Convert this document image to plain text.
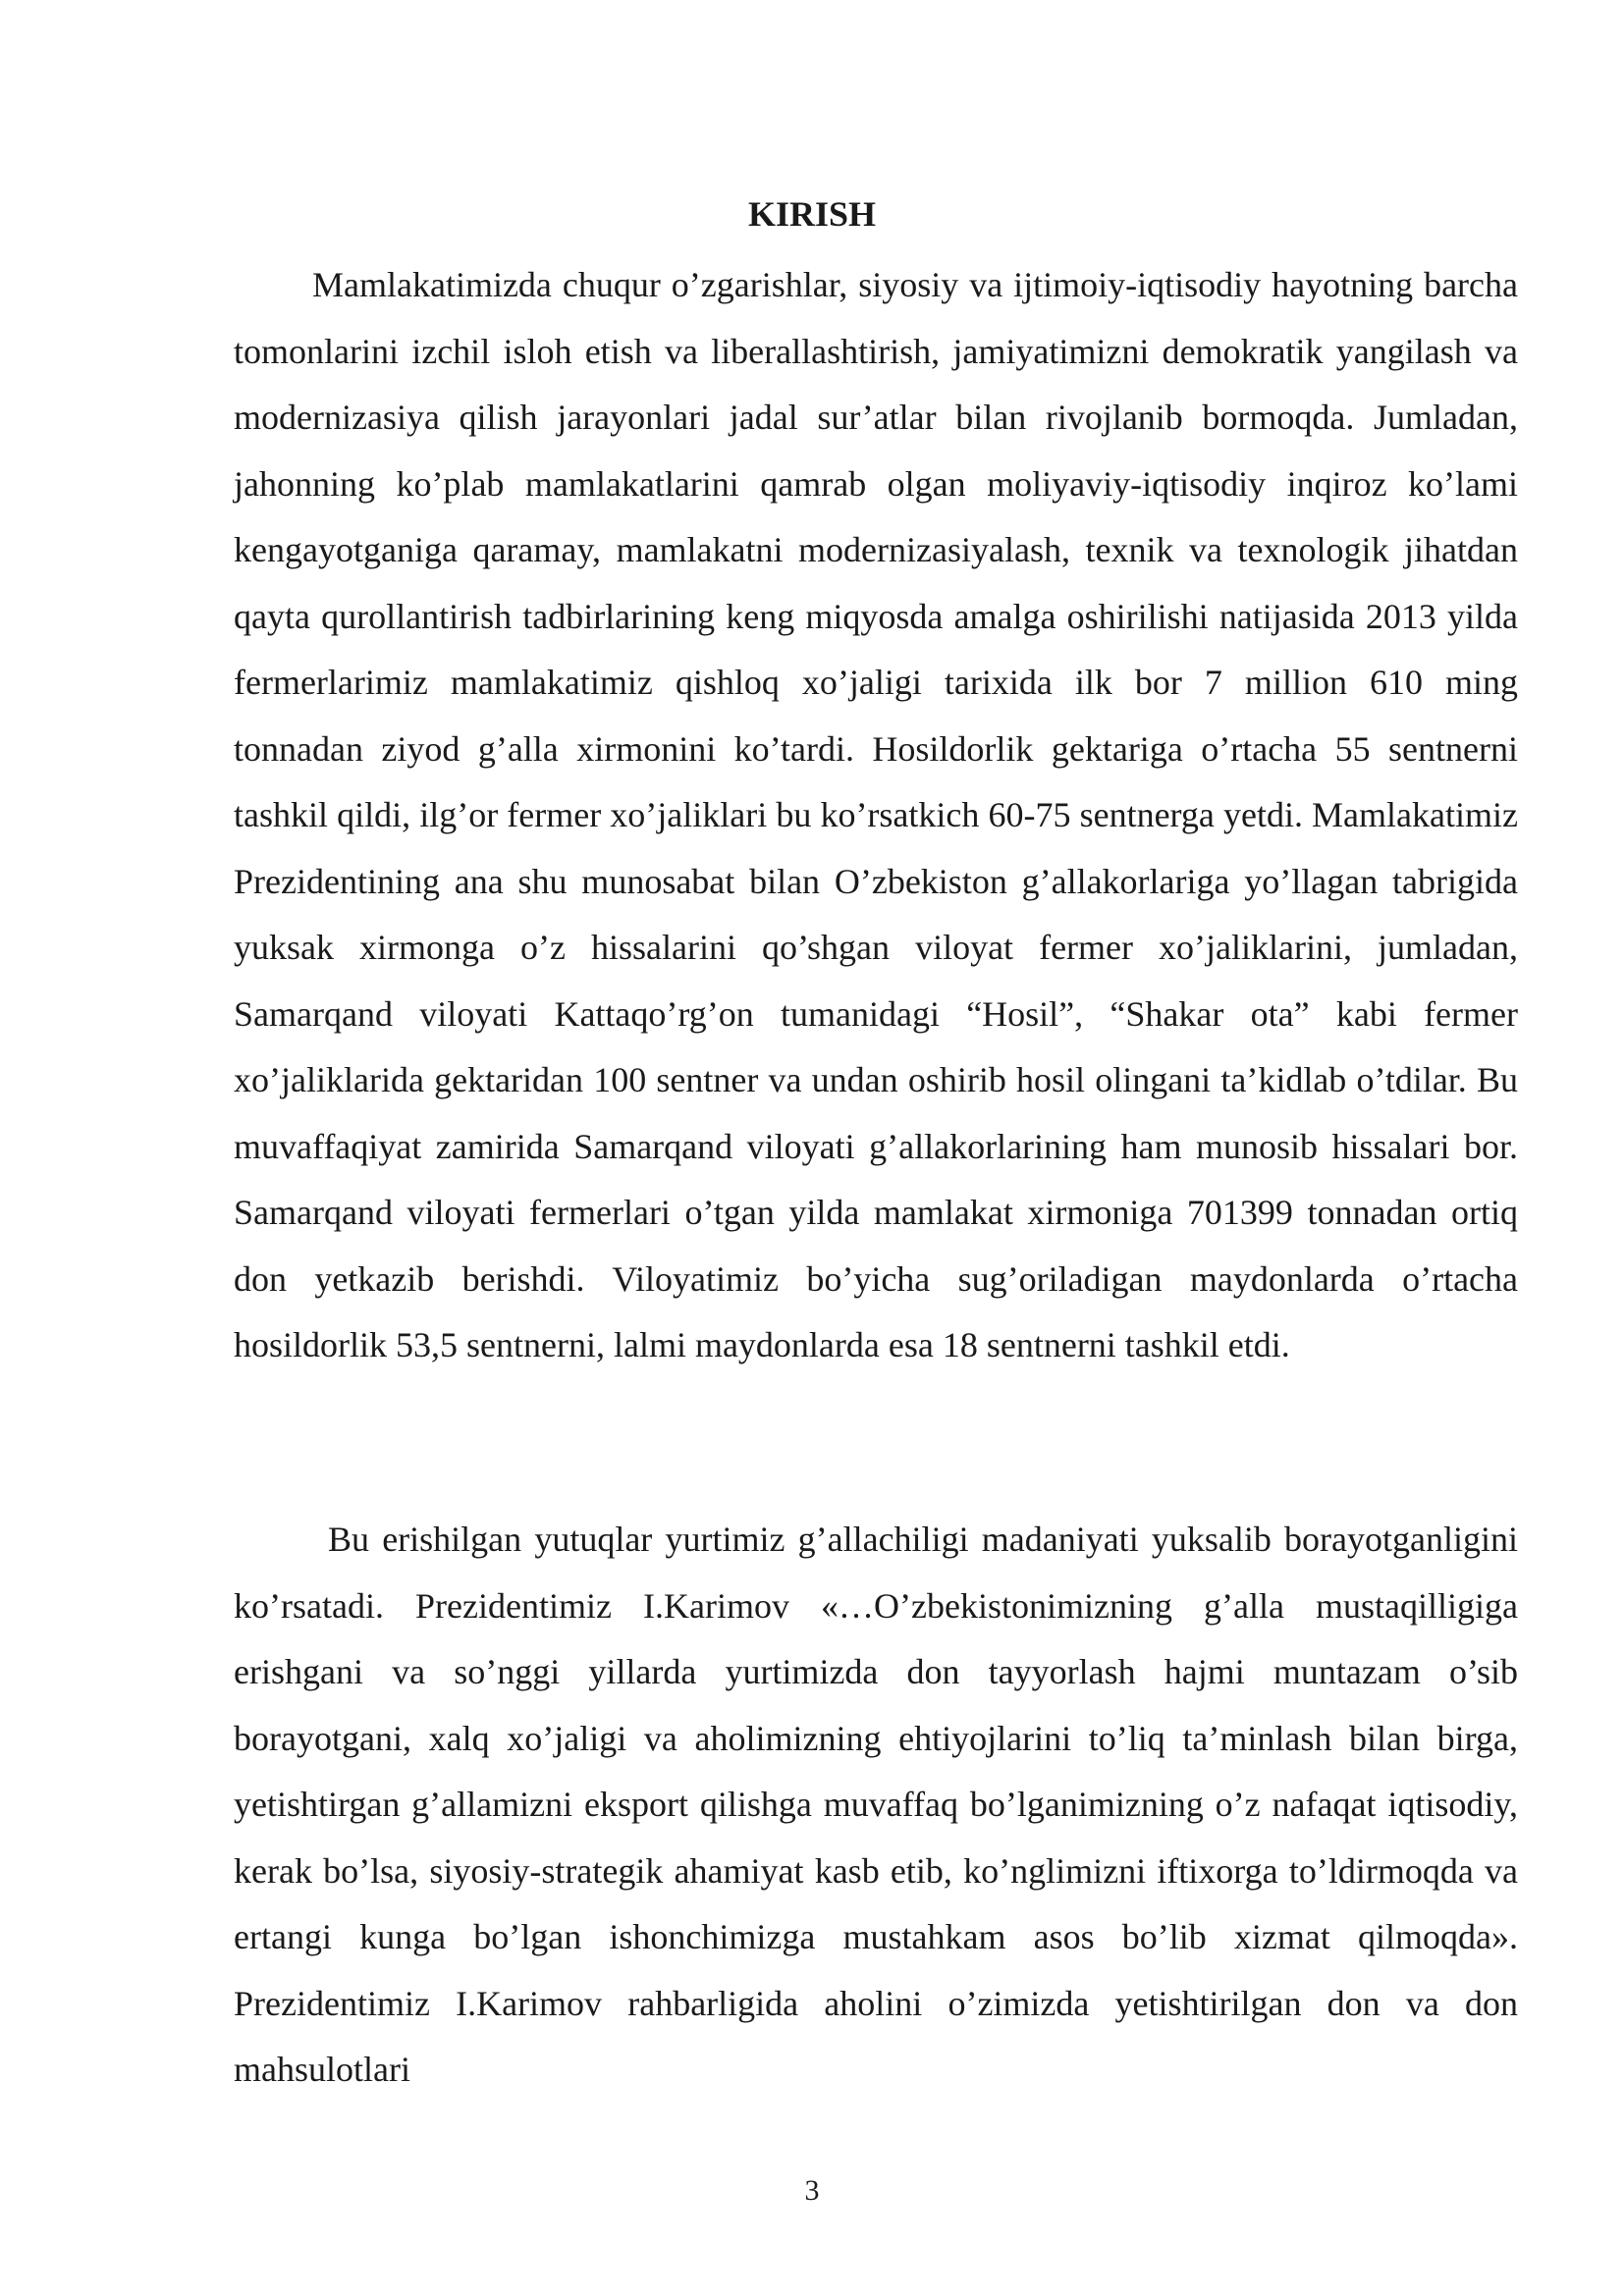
KIRISH

Mamlakatimizda chuqur o’zgarishlar, siyosiy va ijtimoiy-iqtisodiy hayotning barcha tomonlarini izchil isloh etish va liberallashtirish, jamiyatimizni demokratik yangilash va modernizasiya qilish jarayonlari jadal sur’atlar bilan rivojlanib bormoqda. Jumladan, jahonning ko’plab mamlakatlarini qamrab olgan moliyaviy-iqtisodiy inqiroz ko’lami kengayotganiga qaramay, mamlakatni modernizasiyalash, texnik va texnologik jihatdan qayta qurollantirish tadbirlarining keng miqyosda amalga oshirilishi natijasida 2013 yilda fermerlarimiz mamlakatimiz qishloq xo’jaligi tarixida ilk bor 7 million 610 ming tonnadan ziyod g’alla xirmonini ko’tardi. Hosildorlik gektariga o’rtacha 55 sentnerni tashkil qildi, ilg’or fermer xo’jaliklari bu ko’rsatkich 60-75 sentnerga yetdi. Mamlakatimiz Prezidentining ana shu munosabat bilan O’zbekiston g’allakorlariga yo’llagan tabrigida yuksak xirmonga o’z hissalarini qo’shgan viloyat fermer xo’jaliklarini, jumladan, Samarqand viloyati Kattaqo’rg’on tumanidagi “Hosil”, “Shakar ota” kabi fermer xo’jaliklarida gektaridan 100 sentner va undan oshirib hosil olingani ta’kidlab o’tdilar. Bu muvaffaqiyat zamirida Samarqand viloyati g’allakorlarining ham munosib hissalari bor. Samarqand viloyati fermerlari o’tgan yilda mamlakat xirmoniga 701399 tonnadan ortiq don yetkazib berishdi. Viloyatimiz bo’yicha sug’oriladigan maydonlarda o’rtacha hosildorlik 53,5 sentnerni, lalmi maydonlarda esa 18 sentnerni tashkil etdi.

Bu erishilgan yutuqlar yurtimiz g’allachiligi madaniyati yuksalib borayotganligini ko’rsatadi. Prezidentimiz I.Karimov «…O’zbekistonimizning g’alla mustaqilligiga erishgani va so’nggi yillarda yurtimizda don tayyorlash hajmi muntazam o’sib borayotgani, xalq xo’jaligi va aholimizning ehtiyojlarini to’liq ta’minlash bilan birga, yetishtirgan g’allamizni eksport qilishga muvaffaq bo’lganimizning o’z nafaqat iqtisodiy, kerak bo’lsa, siyosiy-strategik ahamiyat kasb etib, ko’nglimizni iftixorga to’ldirmoqda va ertangi kunga bo’lgan ishonchimizga mustahkam asos bo’lib xizmat qilmoqda». Prezidentimiz I.Karimov rahbarligida aholini o’zimizda yetishtirilgan don va don mahsulotlari

3
